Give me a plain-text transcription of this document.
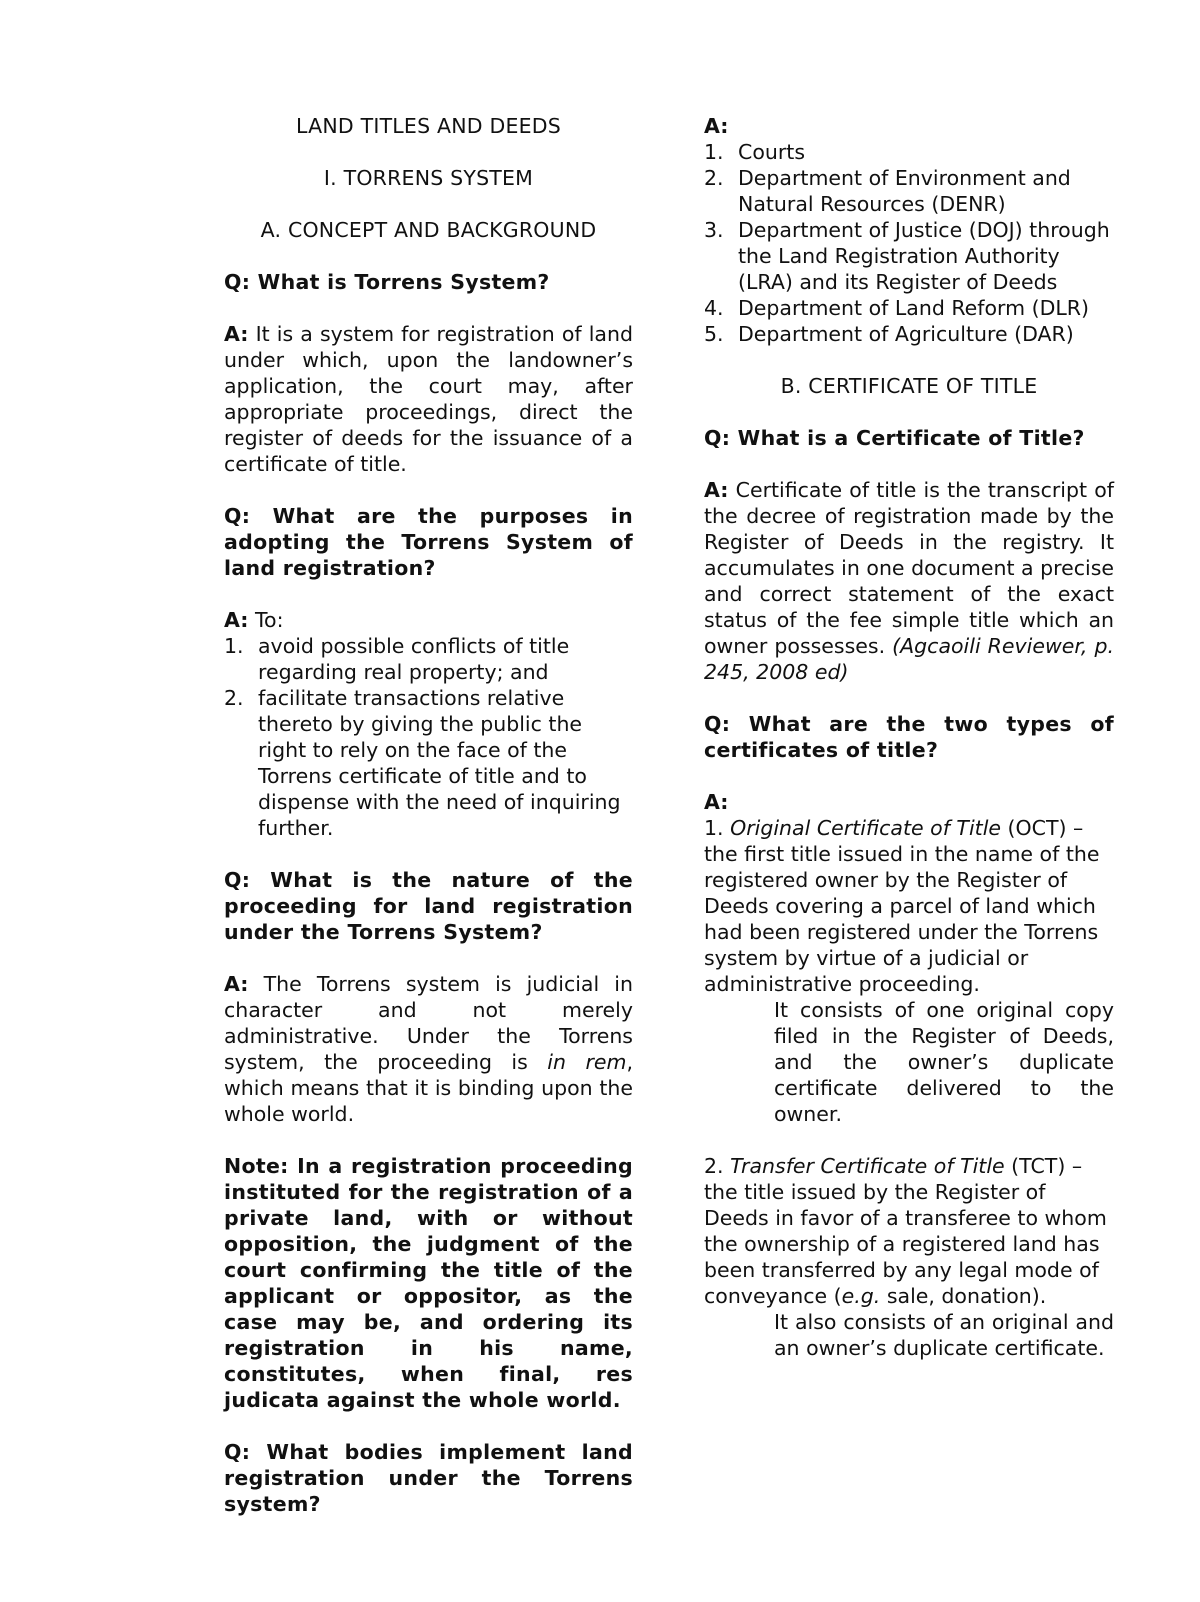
LAND TITLES AND DEEDS

I. TORRENS SYSTEM

A. CONCEPT AND BACKGROUND

Q: What is Torrens System?

A: It is a system for registration of land under which, upon the landowner’s application, the court may, after appropriate proceedings, direct the register of deeds for the issuance of a certificate of title.

Q: What are the purposes in adopting the Torrens System of land registration?

A: To:

1. avoid possible conflicts of title regarding real property; and
2. facilitate transactions relative thereto by giving the public the right to rely on the face of the Torrens certificate of title and to dispense with the need of inquiring further.

Q: What is the nature of the proceeding for land registration under the Torrens System?

A: The Torrens system is judicial in character and not merely administrative. Under the Torrens system, the proceeding is in rem, which means that it is binding upon the whole world.

Note: In a registration proceeding instituted for the registration of a private land, with or without opposition, the judgment of the court confirming the title of the applicant or oppositor, as the case may be, and ordering its registration in his name, constitutes, when final, res judicata against the whole world.

Q: What bodies implement land registration under the Torrens system?

A:

1. Courts
2. Department of Environment and Natural Resources (DENR)
3. Department of Justice (DOJ) through the Land Registration Authority (LRA) and its Register of Deeds
4. Department of Land Reform (DLR)
5. Department of Agriculture (DAR)

B. CERTIFICATE OF TITLE

Q: What is a Certificate of Title?

A: Certificate of title is the transcript of the decree of registration made by the Register of Deeds in the registry. It accumulates in one document a precise and correct statement of the exact status of the fee simple title which an owner possesses. (Agcaoili Reviewer, p. 245, 2008 ed)

Q: What are the two types of certificates of title?

A:

1. Original Certificate of Title (OCT) – the first title issued in the name of the registered owner by the Register of Deeds covering a parcel of land which had been registered under the Torrens system by virtue of a judicial or administrative proceeding.

It consists of one original copy filed in the Register of Deeds, and the owner’s duplicate certificate delivered to the owner.

2. Transfer Certificate of Title (TCT) – the title issued by the Register of Deeds in favor of a transferee to whom the ownership of a registered land has been transferred by any legal mode of conveyance (e.g. sale, donation).

It also consists of an original and an owner’s duplicate certificate.
